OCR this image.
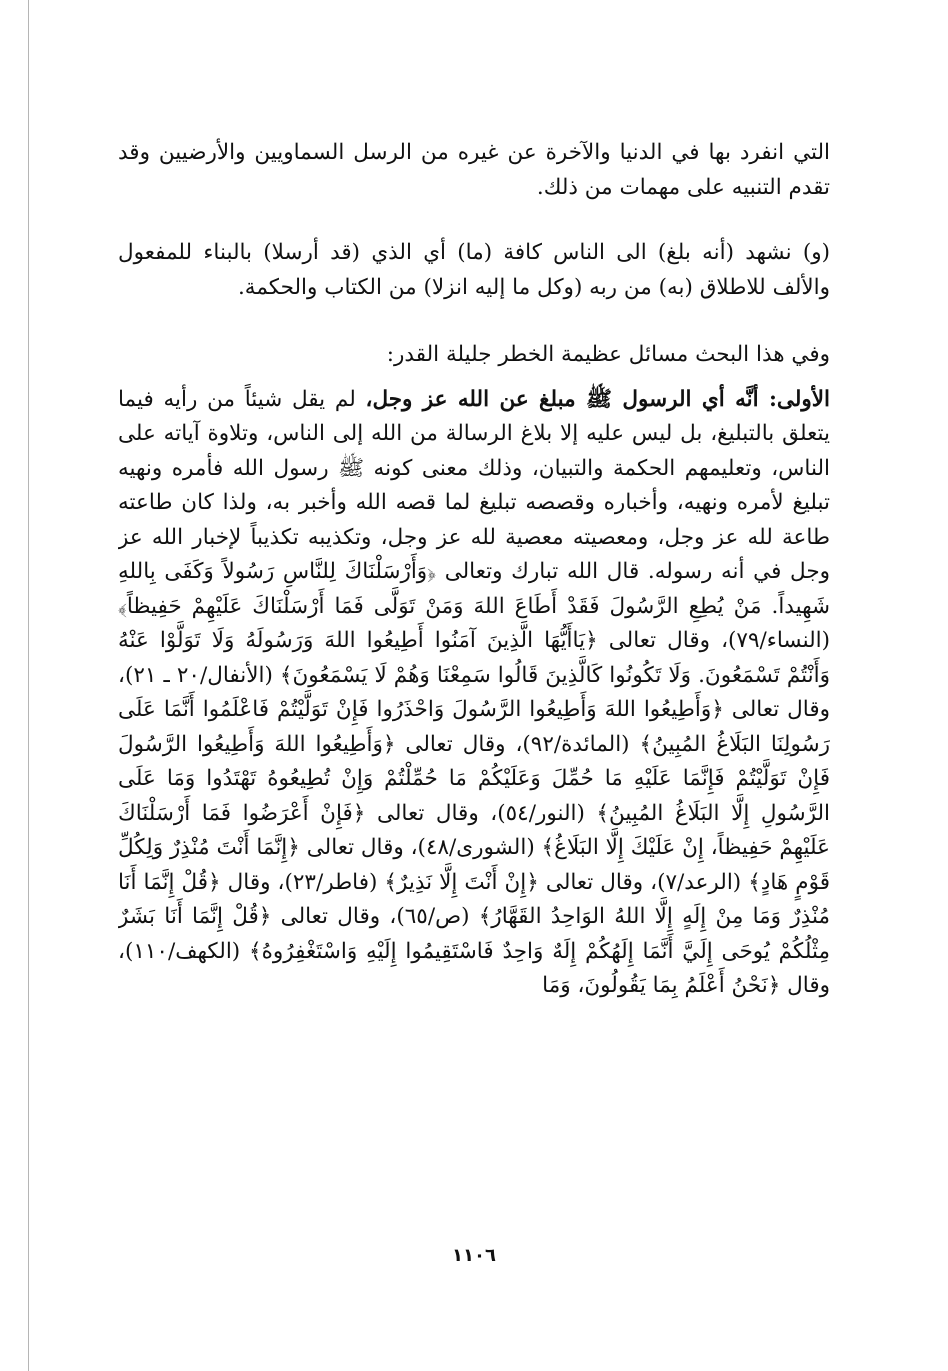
التي انفرد بها في الدنيا والآخرة عن غيره من الرسل السماويين والأرضيين وقد تقدم التنبيه على مهمات من ذلك.

(و) نشهد (أنه بلغ) الى الناس كافة (ما) أي الذي (قد أرسلا) بالبناء للمفعول والألف للاطلاق (به) من ربه (وكل ما إليه انزلا) من الكتاب والحكمة.

وفي هذا البحث مسائل عظيمة الخطر جليلة القدر:

الأولى: أنَّه أي الرسول ﷺ مبلغ عن الله عز وجل، لم يقل شيئاً من رأيه فيما يتعلق بالتبليغ، بل ليس عليه إلا بلاغ الرسالة من الله إلى الناس، وتلاوة آياته على الناس، وتعليمهم الحكمة والتبيان، وذلك معنى كونه ﷺ رسول الله فأمره ونهيه تبليغ لأمره ونهيه، وأخباره وقصصه تبليغ لما قصه الله وأخبر به، ولذا كان طاعته طاعة لله عز وجل، ومعصيته معصية لله عز وجل، وتكذيبه تكذيباً لإخبار الله عز وجل في أنه رسوله. قال الله تبارك وتعالى ﴿وَأَرْسَلْنَاكَ لِلنَّاسِ رَسُولاً وَكَفَى بِاللهِ شَهِيداً. مَنْ يُطِعِ الرَّسُولَ فَقَدْ أَطَاعَ اللهَ وَمَنْ تَوَلَّى فَمَا أَرْسَلْنَاكَ عَلَيْهِمْ حَفِيظاً﴾ (النساء/٧٩)، وقال تعالى ﴿يَاأَيُّهَا الَّذِينَ آمَنُوا أَطِيعُوا اللهَ وَرَسُولَهُ وَلَا تَوَلَّوْا عَنْهُ وَأَنْتُمْ تَسْمَعُونَ. وَلَا تَكُونُوا كَالَّذِينَ قَالُوا سَمِعْنَا وَهُمْ لَا يَسْمَعُونَ﴾ (الأنفال/٢٠ ـ ٢١)، وقال تعالى ﴿وَأَطِيعُوا اللهَ وَأَطِيعُوا الرَّسُولَ وَاحْذَرُوا فَإِنْ تَوَلَّيْتُمْ فَاعْلَمُوا أَنَّمَا عَلَى رَسُولِنَا البَلَاغُ المُبِينُ﴾ (المائدة/٩٢)، وقال تعالى ﴿وَأَطِيعُوا اللهَ وَأَطِيعُوا الرَّسُولَ فَإِنْ تَوَلَّيْتُمْ فَإِنَّمَا عَلَيْهِ مَا حُمِّلَ وَعَلَيْكُمْ مَا حُمِّلْتُمْ وَإِنْ تُطِيعُوهُ تَهْتَدُوا وَمَا عَلَى الرَّسُولِ إِلَّا البَلَاغُ المُبِينُ﴾ (النور/٥٤)، وقال تعالى ﴿فَإِنْ أَعْرَضُوا فَمَا أَرْسَلْنَاكَ عَلَيْهِمْ حَفِيظاً، إِنْ عَلَيْكَ إِلَّا البَلَاغُ﴾ (الشورى/٤٨)، وقال تعالى ﴿إِنَّمَا أَنْتَ مُنْذِرٌ وَلِكُلِّ قَوْمٍ هَادٍ﴾ (الرعد/٧)، وقال تعالى ﴿إِنْ أَنْتَ إِلَّا نَذِيرٌ﴾ (فاطر/٢٣)، وقال ﴿قُلْ إِنَّمَا أَنَا مُنْذِرٌ وَمَا مِنْ إِلَهٍ إِلَّا اللهُ الوَاحِدُ القَهَّارُ﴾ (ص/٦٥)، وقال تعالى ﴿قُلْ إِنَّمَا أَنَا بَشَرٌ مِثْلُكُمْ يُوحَى إِلَيَّ أَنَّمَا إِلَهُكُمْ إِلَهٌ وَاحِدٌ فَاسْتَقِيمُوا إِلَيْهِ وَاسْتَغْفِرُوهُ﴾ (الكهف/١١٠)، وقال ﴿نَحْنُ أَعْلَمُ بِمَا يَقُولُونَ، وَمَا

١١٠٦
